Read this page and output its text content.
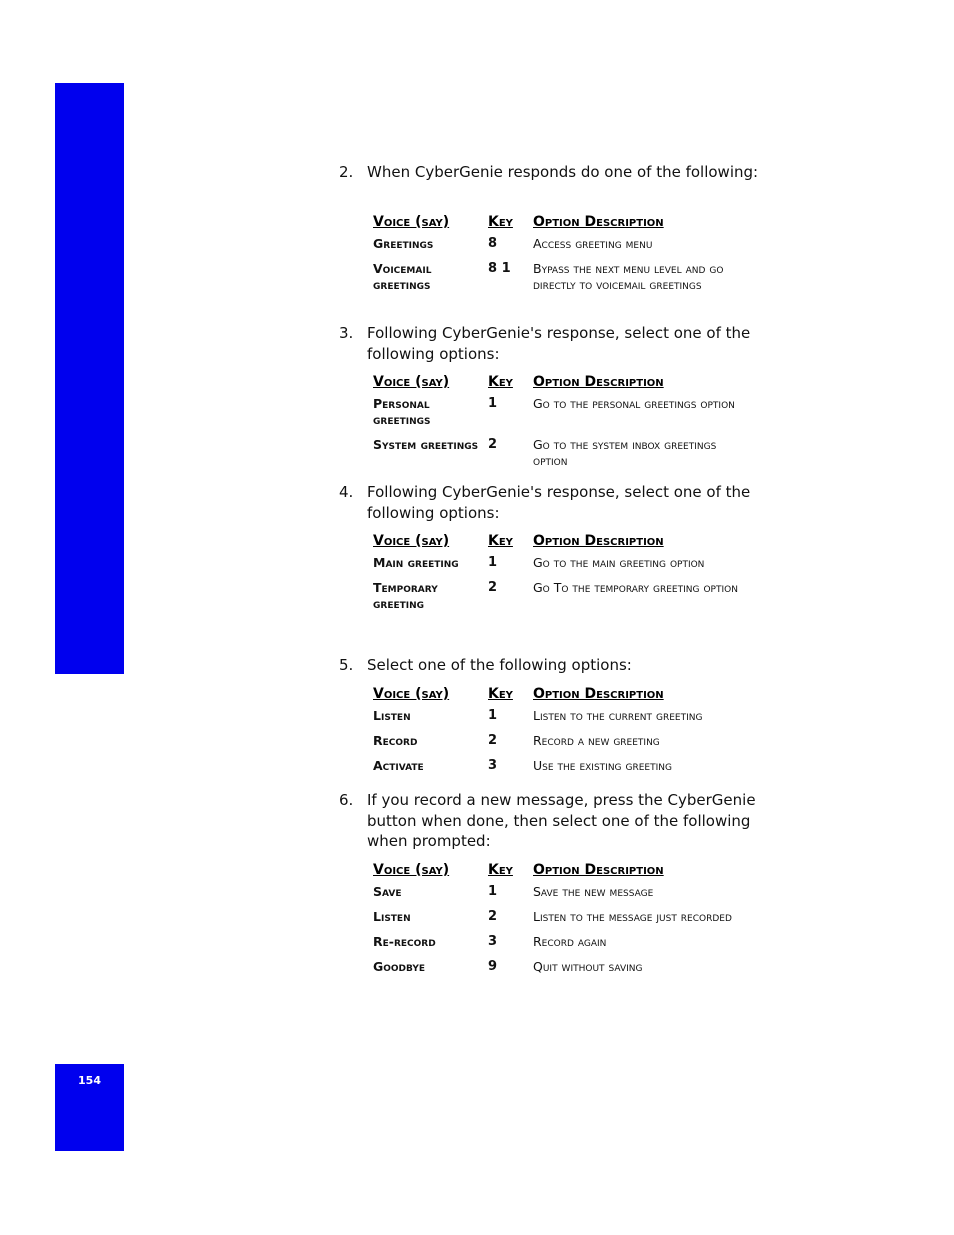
CG 2400 User Guide
154
2. When CyberGenie responds do one of the following:
Voice (say)	Key	Option Description
Greetings	8	Access greeting menu
Voicemail greetings	8 1	Bypass the next menu level and go directly to voicemail greetings
3. Following CyberGenie's response, select one of the following options:
Voice (say)	Key	Option Description
Personal greetings	1	Go to the personal greetings option
System greetings	2	Go to the system inbox greetings option
4. Following CyberGenie's response, select one of the following options:
Voice (say)	Key	Option Description
Main greeting	1	Go to the main greeting option
Temporary greeting	2	Go To the temporary greeting option
5. Select one of the following options:
Voice (say)	Key	Option Description
Listen	1	Listen to the current greeting
Record	2	Record a new greeting
Activate	3	Use the existing greeting
6. If you record a new message, press the CyberGenie button when done, then select one of the following when prompted:
Voice (say)	Key	Option Description
Save	1	Save the new message
Listen	2	Listen to the message just recorded
Re-record	3	Record again
Goodbye	9	Quit without saving
